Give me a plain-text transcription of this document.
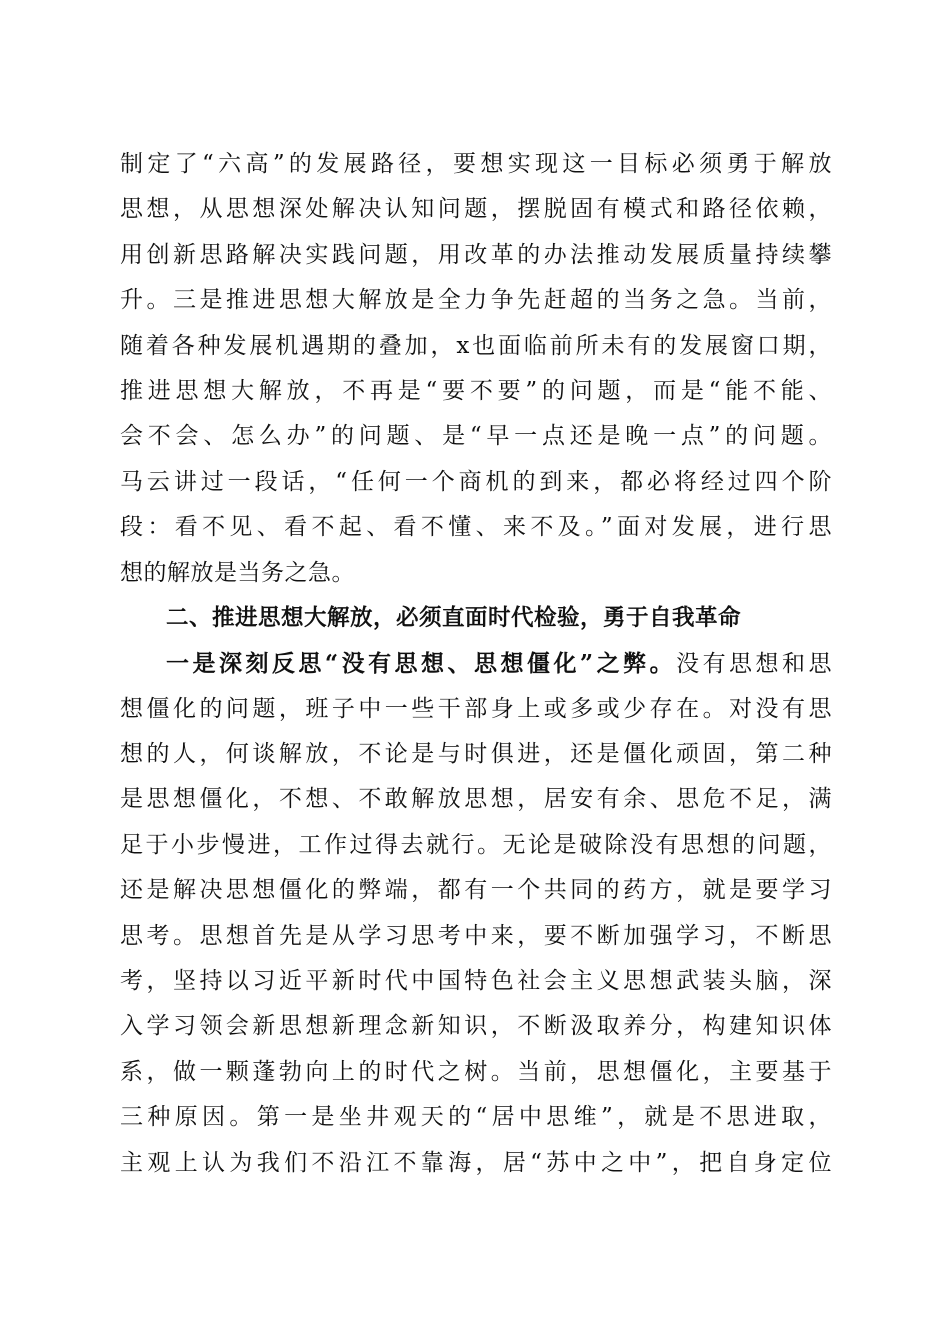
制定了“六高”的发展路径，要想实现这一目标必须勇于解放
思想，从思想深处解决认知问题，摆脱固有模式和路径依赖，
用创新思路解决实践问题，用改革的办法推动发展质量持续攀
升。三是推进思想大解放是全力争先赶超的当务之急。当前，
随着各种发展机遇期的叠加，x也面临前所未有的发展窗口期，
推进思想大解放，不再是“要不要”的问题，而是“能不能、
会不会、怎么办”的问题、是“早一点还是晚一点”的问题。
马云讲过一段话，“任何一个商机的到来，都必将经过四个阶
段：看不见、看不起、看不懂、来不及。”面对发展，进行思
想的解放是当务之急。
二、推进思想大解放，必须直面时代检验，勇于自我革命
一是深刻反思“没有思想、思想僵化”之弊。没有思想和思
想僵化的问题，班子中一些干部身上或多或少存在。对没有思
想的人，何谈解放，不论是与时俱进，还是僵化顽固，第二种
是思想僵化，不想、不敢解放思想，居安有余、思危不足，满
足于小步慢进，工作过得去就行。无论是破除没有思想的问题，
还是解决思想僵化的弊端，都有一个共同的药方，就是要学习
思考。思想首先是从学习思考中来，要不断加强学习，不断思
考，坚持以习近平新时代中国特色社会主义思想武装头脑，深
入学习领会新思想新理念新知识，不断汲取养分，构建知识体
系，做一颗蓬勃向上的时代之树。当前，思想僵化，主要基于
三种原因。第一是坐井观天的“居中思维”，就是不思进取，
主观上认为我们不沿江不靠海，居“苏中之中”，把自身定位
